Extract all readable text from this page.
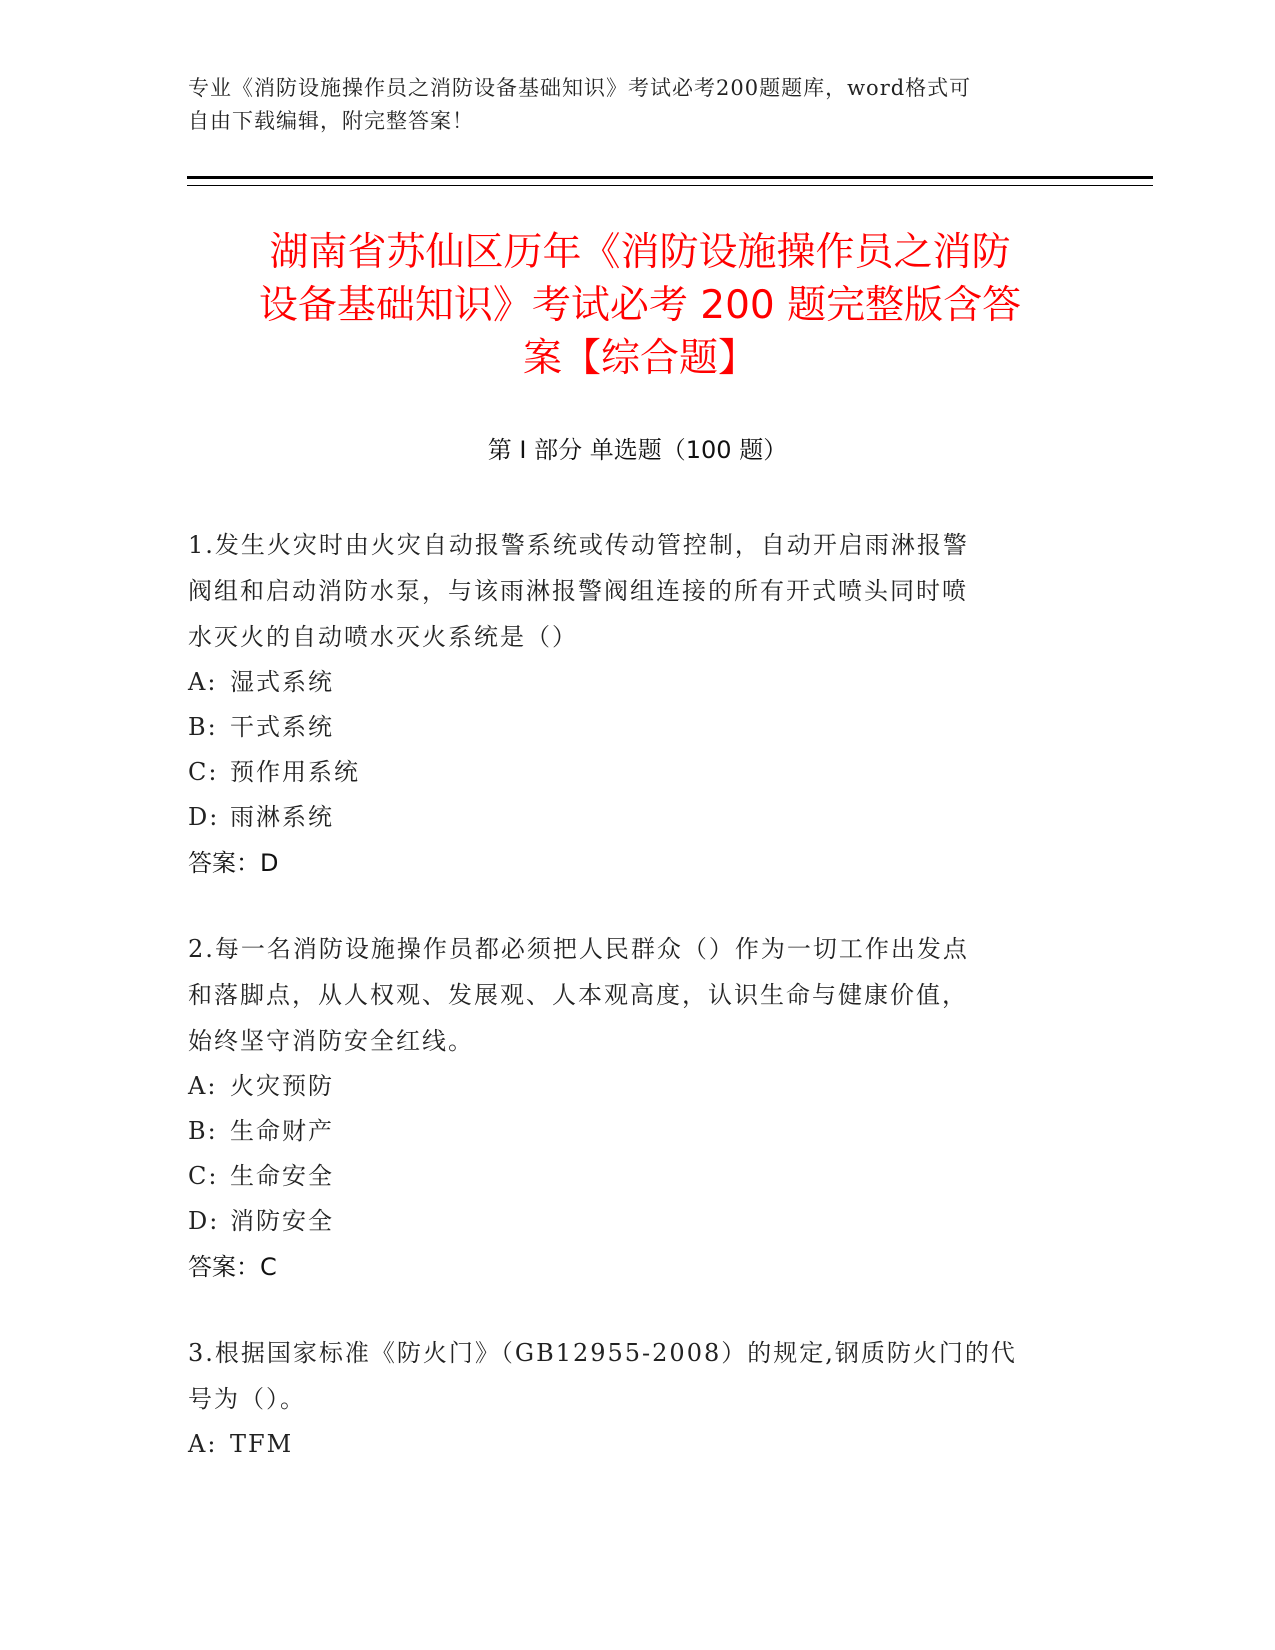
专业《消防设施操作员之消防设备基础知识》考试必考200题题库，word格式可
自由下载编辑，附完整答案！
湖南省苏仙区历年《消防设施操作员之消防
设备基础知识》考试必考 200 题完整版含答
案【综合题】
第 I 部分 单选题（100 题）
1.发生火灾时由火灾自动报警系统或传动管控制，自动开启雨淋报警
阀组和启动消防水泵，与该雨淋报警阀组连接的所有开式喷头同时喷
水灭火的自动喷水灭火系统是（）
A: 湿式系统
B: 干式系统
C: 预作用系统
D: 雨淋系统
答案：D
2.每一名消防设施操作员都必须把人民群众（）作为一切工作出发点
和落脚点，从人权观、发展观、人本观高度，认识生命与健康价值，
始终坚守消防安全红线。
A: 火灾预防
B: 生命财产
C: 生命安全
D: 消防安全
答案：C
3.根据国家标准《防火门》（GB12955-2008）的规定,钢质防火门的代
号为（）。
A: TFM
